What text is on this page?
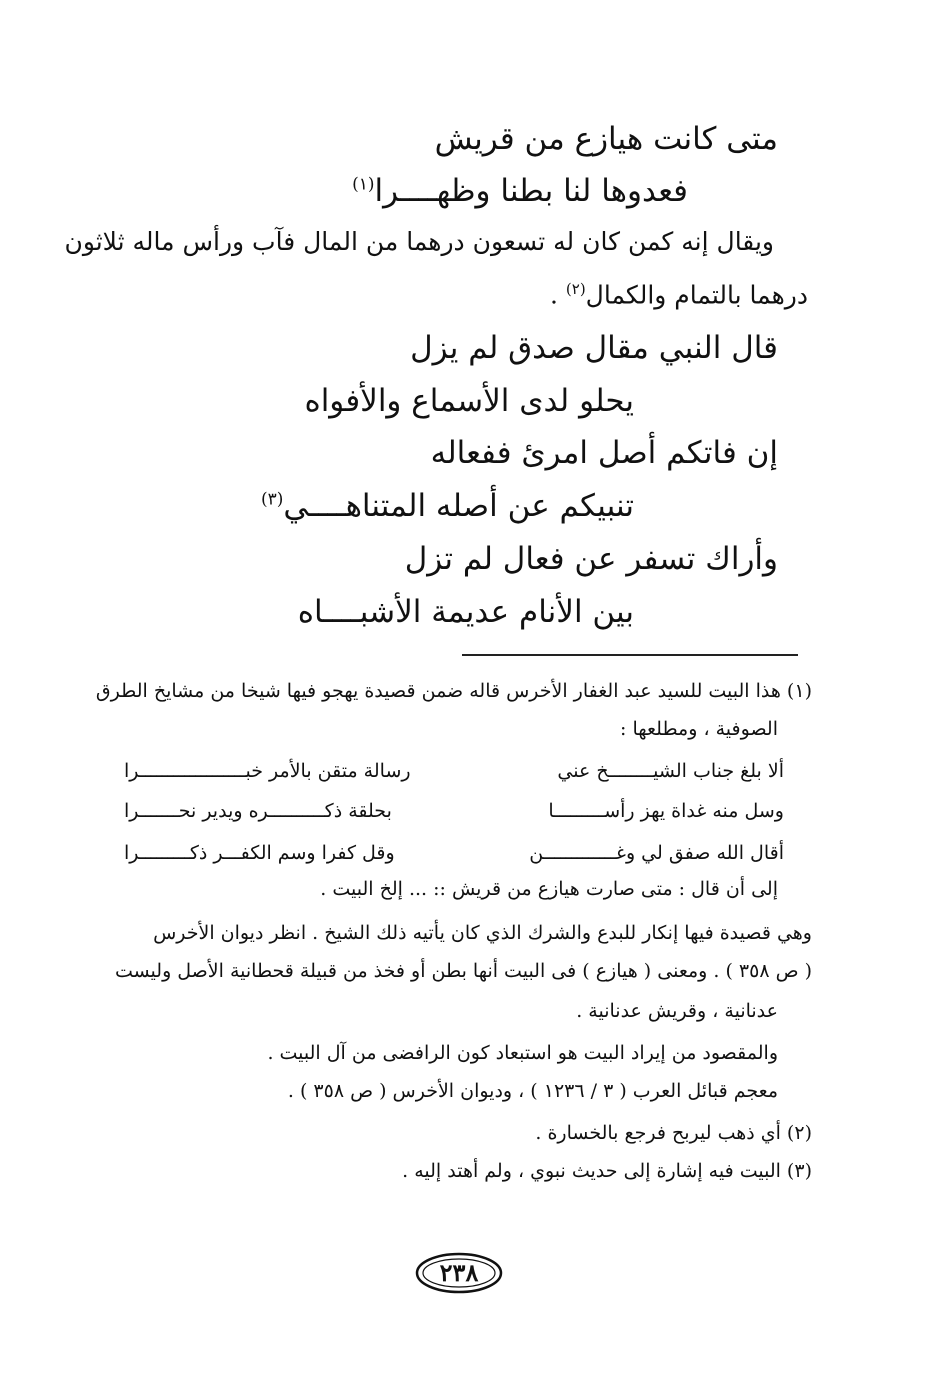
متى كانت هيازع من قريش
فعدوها لنا بطنا وظهــــرا$^{(١)}$
ويقال إنه كمن كان له تسعون درهما من المال فآب ورأس ماله ثلاثون
درهما بالتمام والكمال$^{(٢)}$ .
قال النبي مقال صدق لم يزل
يحلو لدى الأسماع والأفواه
إن فاتكم أصل امرئ ففعاله
تنبيكم عن أصله المتناهــــي$^{(٣)}$
وأراك تسفر عن فعال لم تزل
بين الأنام عديمة الأشبــــاه
(١) هذا البيت للسيد عبد الغفار الأخرس قاله ضمن قصيدة يهجو فيها شيخا من مشايخ الطرق
الصوفية ، ومطلعها :
ألا بلغ جناب الشيــــــــخ عني
رسالة متقن بالأمر خبـــــــــــــــــــرا
وسل منه غداة يهز رأســـــــــا
بحلقة ذكــــــــــره ويدير نحـــــــرا
أقال الله صفق لي وغـــــــــــــن
وقل كفرا وسم الكفـــر ذكـــــــــرا
إلى أن قال : متى صارت هيازع من قريش :: ... إلخ البيت .
وهي قصيدة فيها إنكار للبدع والشرك الذي كان يأتيه ذلك الشيخ . انظر ديوان الأخرس
( ص ٣٥٨ ) . ومعنى ( هيازع ) فى البيت أنها بطن أو فخذ من قبيلة قحطانية الأصل وليست
عدنانية ، وقريش عدنانية .
والمقصود من إيراد البيت هو استبعاد كون الرافضى من آل البيت .
معجم قبائل العرب ( ٣ / ١٢٣٦ ) ، وديوان الأخرس ( ص ٣٥٨ ) .
(٢) أي ذهب ليربح فرجع بالخسارة .
(٣) البيت فيه إشارة إلى حديث نبوي ، ولم أهتد إليه .
٢٣٨
